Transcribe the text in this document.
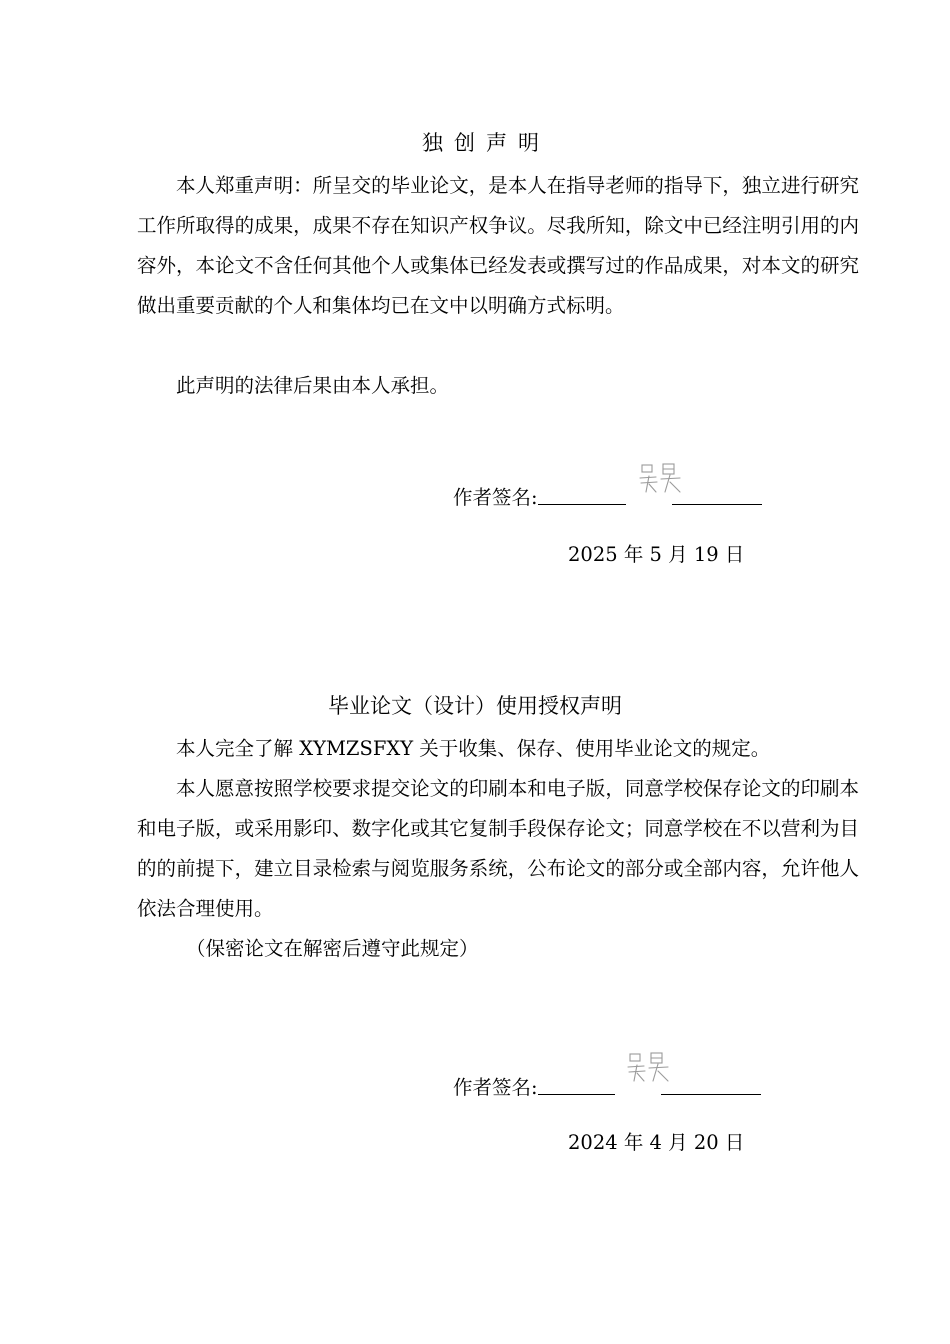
独创声明

本人郑重声明：所呈交的毕业论文，是本人在指导老师的指导下，独立进行研究工作所取得的成果，成果不存在知识产权争议。尽我所知，除文中已经注明引用的内容外，本论文不含任何其他个人或集体已经发表或撰写过的作品成果，对本文的研究做出重要贡献的个人和集体均已在文中以明确方式标明。

此声明的法律后果由本人承担。

作者签名:
2025 年 5 月 19 日
毕业论文（设计）使用授权声明

本人完全了解 XYMZSFXY 关于收集、保存、使用毕业论文的规定。

本人愿意按照学校要求提交论文的印刷本和电子版，同意学校保存论文的印刷本和电子版，或采用影印、数字化或其它复制手段保存论文；同意学校在不以营利为目的的前提下，建立目录检索与阅览服务系统，公布论文的部分或全部内容，允许他人依法合理使用。

（保密论文在解密后遵守此规定）
作者签名:
2024 年 4 月 20 日
